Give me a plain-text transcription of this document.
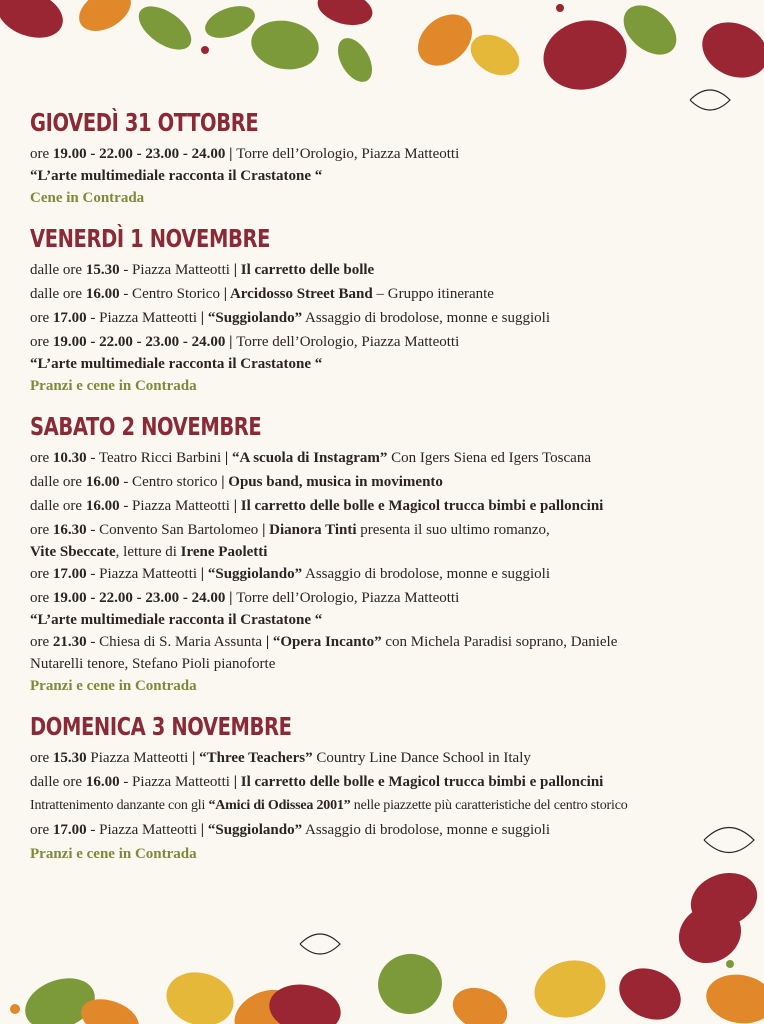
GIOVEDÌ 31 OTTOBRE
ore 19.00 - 22.00 - 23.00 - 24.00 | Torre dell’Orologio, Piazza Matteotti
“L’arte multimediale racconta il Crastatone “
Cene in Contrada
VENERDÌ 1 NOVEMBRE
dalle ore 15.30 - Piazza Matteotti | Il carretto delle bolle
dalle ore 16.00 - Centro Storico | Arcidosso Street Band – Gruppo itinerante
ore 17.00 - Piazza Matteotti | “Suggiolando” Assaggio di brodolose, monne e suggioli
ore 19.00 - 22.00 - 23.00 - 24.00 | Torre dell’Orologio, Piazza Matteotti
“L’arte multimediale racconta il Crastatone “
Pranzi e cene in Contrada
SABATO 2 NOVEMBRE
ore 10.30 - Teatro Ricci Barbini | “A scuola di Instagram” Con Igers Siena ed Igers Toscana
dalle ore 16.00 - Centro storico | Opus band, musica in movimento
dalle ore 16.00 - Piazza Matteotti | Il carretto delle bolle e Magicol trucca bimbi e palloncini
ore 16.30 - Convento San Bartolomeo | Dianora Tinti presenta il suo ultimo romanzo,
Vite Sbeccate, letture di Irene Paoletti
ore 17.00 - Piazza Matteotti | “Suggiolando” Assaggio di brodolose, monne e suggioli
ore 19.00 - 22.00 - 23.00 - 24.00 | Torre dell’Orologio, Piazza Matteotti
“L’arte multimediale racconta il Crastatone “
ore 21.30 - Chiesa di S. Maria Assunta | “Opera Incanto” con Michela Paradisi soprano, Daniele
Nutarelli tenore, Stefano Pioli pianoforte
Pranzi e cene in Contrada
DOMENICA 3 NOVEMBRE
ore 15.30 Piazza Matteotti | “Three Teachers” Country Line Dance School in Italy
dalle ore 16.00 - Piazza Matteotti | Il carretto delle bolle e Magicol trucca bimbi e palloncini
Intrattenimento danzante con gli “Amici di Odissea 2001” nelle piazzette più caratteristiche del centro storico
ore 17.00 - Piazza Matteotti | “Suggiolando” Assaggio di brodolose, monne e suggioli
Pranzi e cene in Contrada
